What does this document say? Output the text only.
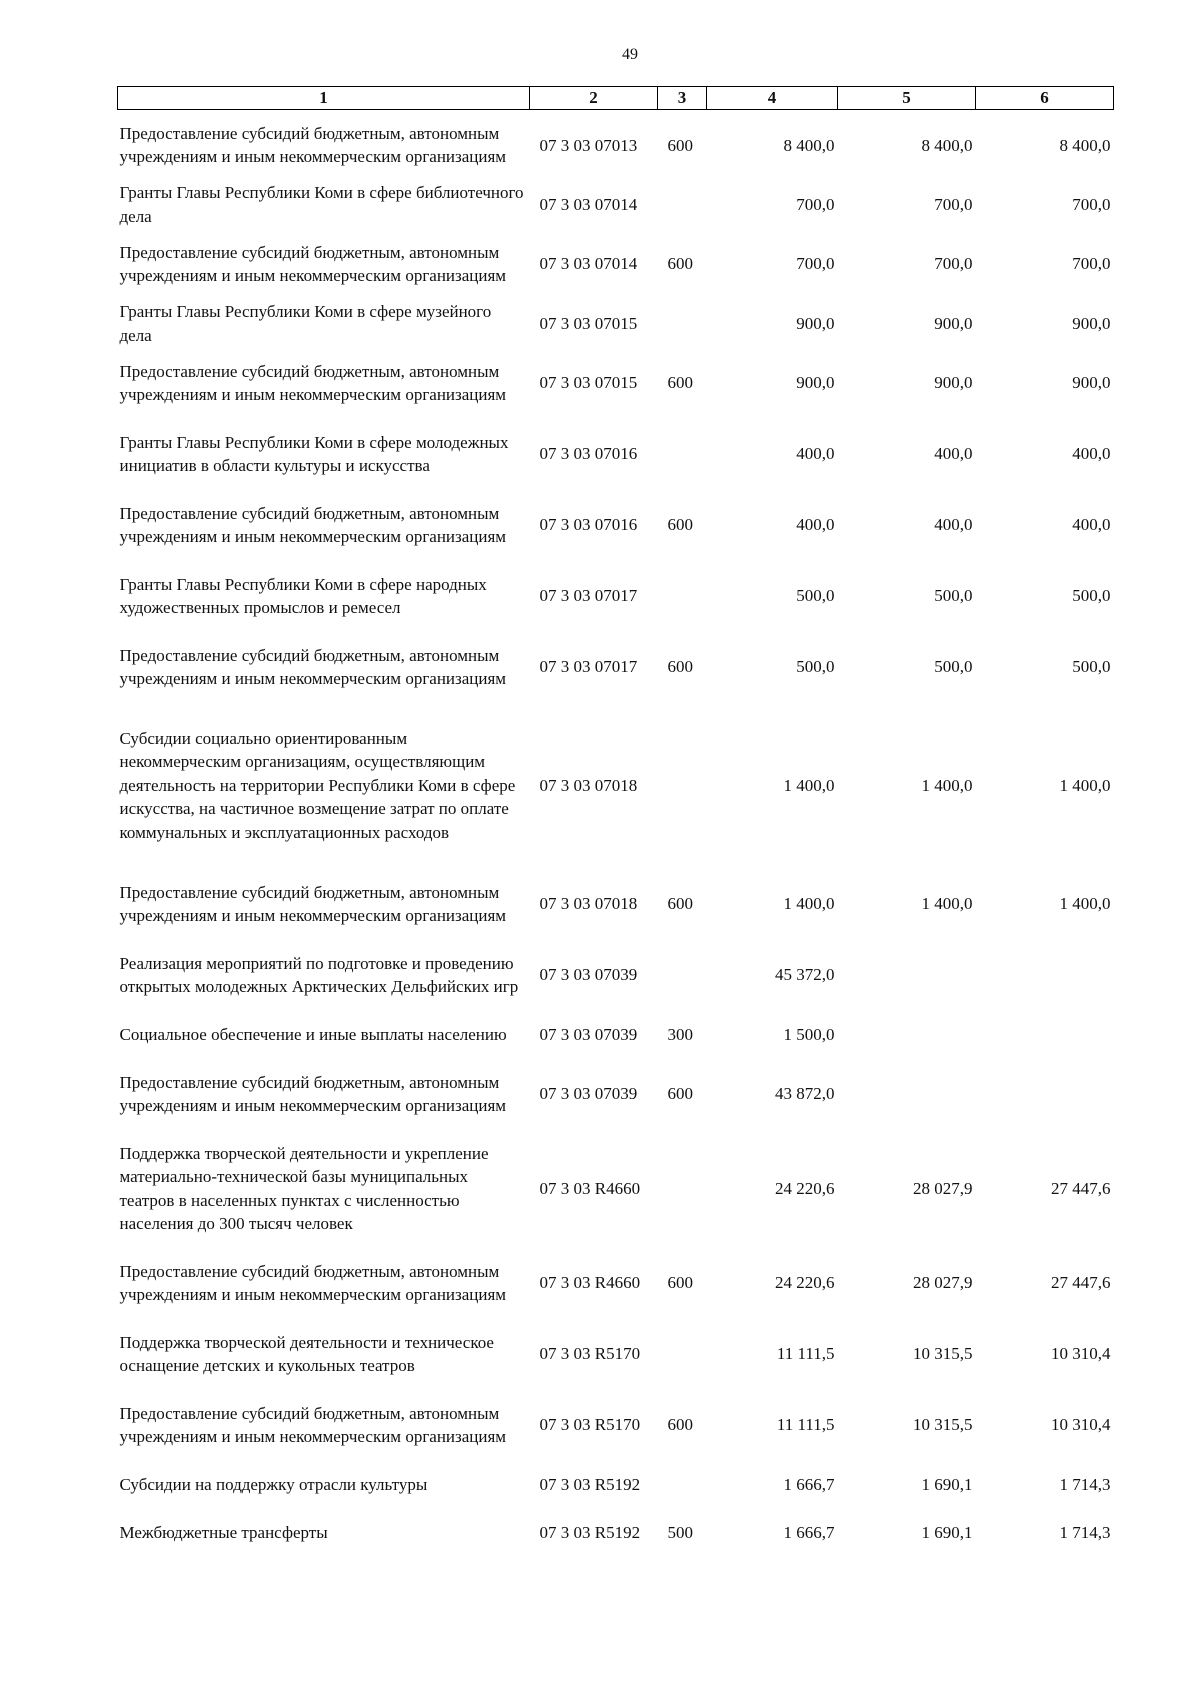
49
1	2	3	4	5	6
Предоставление субсидий бюджетным, автономным учреждениям и иным некоммерческим организациям	07 3 03 07013	600	8 400,0	8 400,0	8 400,0
Гранты Главы Республики Коми в сфере библиотечного дела	07 3 03 07014		700,0	700,0	700,0
Предоставление субсидий бюджетным, автономным учреждениям и иным некоммерческим организациям	07 3 03 07014	600	700,0	700,0	700,0
Гранты Главы Республики Коми в сфере музейного дела	07 3 03 07015		900,0	900,0	900,0
Предоставление субсидий бюджетным, автономным учреждениям и иным некоммерческим организациям	07 3 03 07015	600	900,0	900,0	900,0
Гранты Главы Республики Коми в сфере молодежных инициатив в области культуры и искусства	07 3 03 07016		400,0	400,0	400,0
Предоставление субсидий бюджетным, автономным учреждениям и иным некоммерческим организациям	07 3 03 07016	600	400,0	400,0	400,0
Гранты Главы Республики Коми в сфере народных художественных промыслов и ремесел	07 3 03 07017		500,0	500,0	500,0
Предоставление субсидий бюджетным, автономным учреждениям и иным некоммерческим организациям	07 3 03 07017	600	500,0	500,0	500,0
Субсидии социально ориентированным некоммерческим организациям, осуществляющим деятельность на территории Республики Коми в сфере искусства, на частичное возмещение затрат по оплате коммунальных и эксплуатационных расходов	07 3 03 07018		1 400,0	1 400,0	1 400,0
Предоставление субсидий бюджетным, автономным учреждениям и иным некоммерческим организациям	07 3 03 07018	600	1 400,0	1 400,0	1 400,0
Реализация мероприятий по подготовке и проведению открытых молодежных Арктических Дельфийских игр	07 3 03 07039		45 372,0		
Социальное обеспечение и иные выплаты населению	07 3 03 07039	300	1 500,0		
Предоставление субсидий бюджетным, автономным учреждениям и иным некоммерческим организациям	07 3 03 07039	600	43 872,0		
Поддержка творческой деятельности и укрепление материально-технической базы муниципальных театров в населенных пунктах с численностью населения до 300 тысяч человек	07 3 03 R4660		24 220,6	28 027,9	27 447,6
Предоставление субсидий бюджетным, автономным учреждениям и иным некоммерческим организациям	07 3 03 R4660	600	24 220,6	28 027,9	27 447,6
Поддержка творческой деятельности и техническое оснащение детских и кукольных театров	07 3 03 R5170		11 111,5	10 315,5	10 310,4
Предоставление субсидий бюджетным, автономным учреждениям и иным некоммерческим организациям	07 3 03 R5170	600	11 111,5	10 315,5	10 310,4
Субсидии на поддержку отрасли культуры	07 3 03 R5192		1 666,7	1 690,1	1 714,3
Межбюджетные трансферты	07 3 03 R5192	500	1 666,7	1 690,1	1 714,3
